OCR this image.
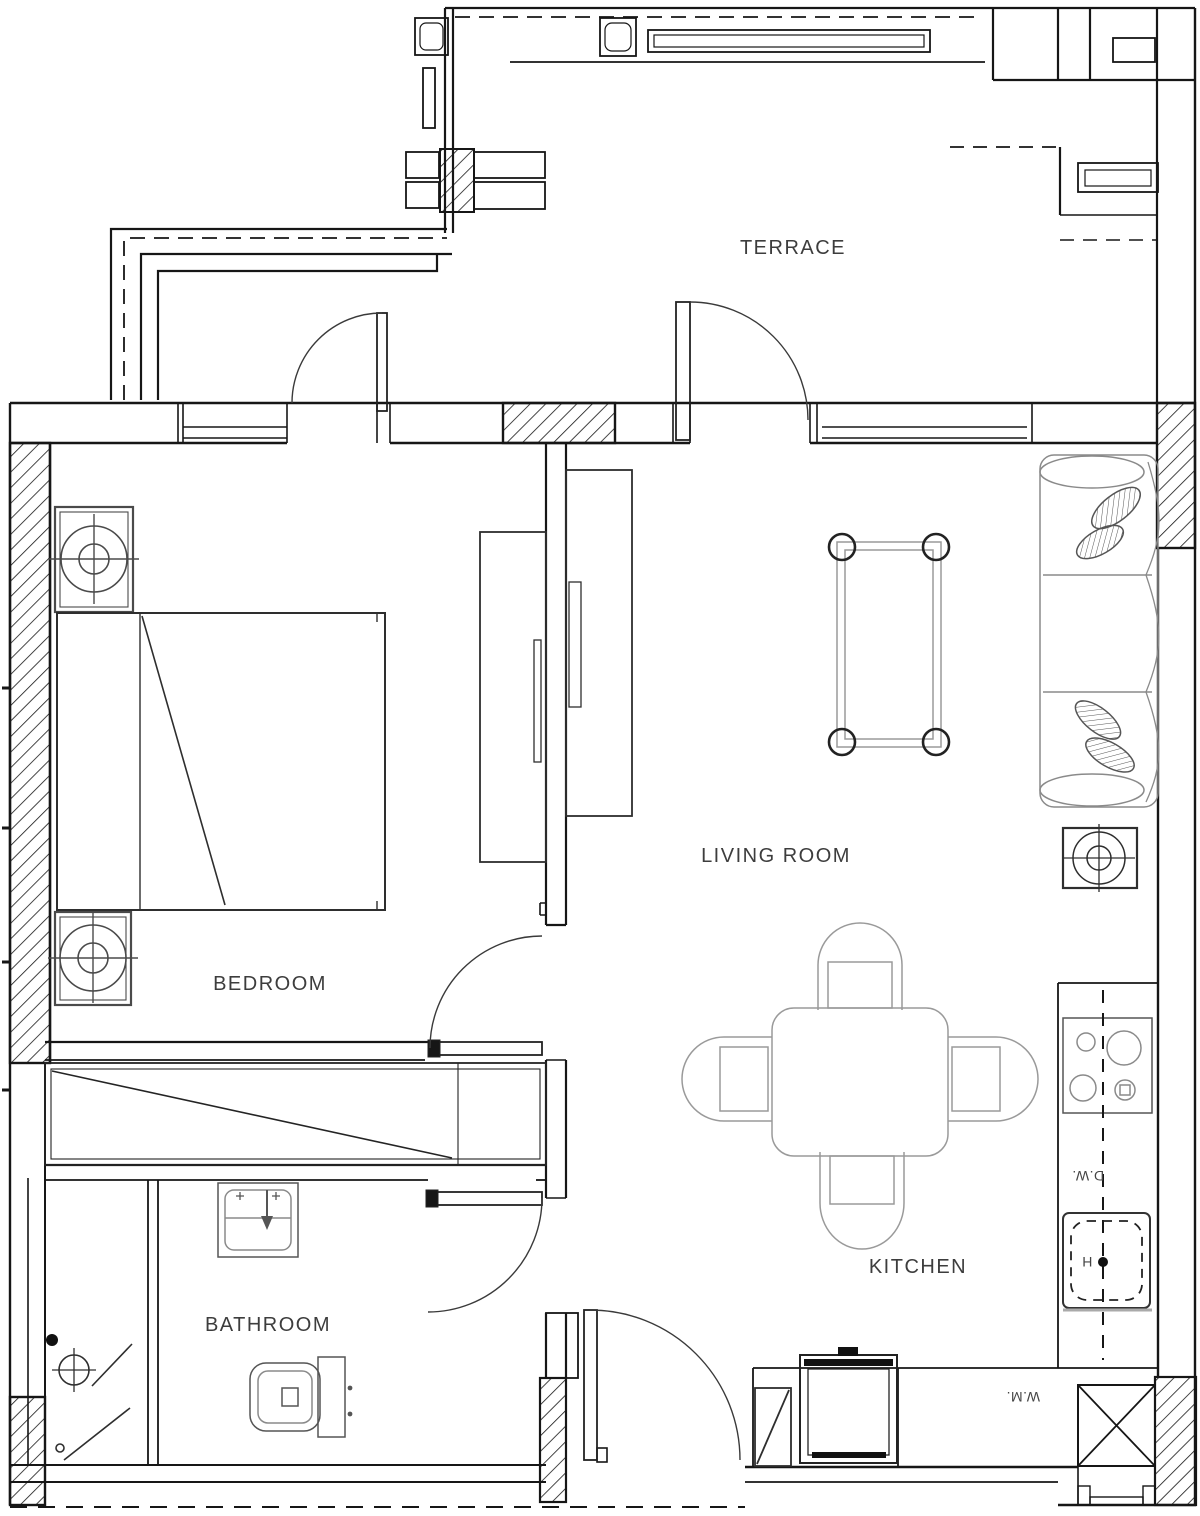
TERRACE
BEDROOM
LIVING ROOM
BATHROOM
KITCHEN
D.W.
W.M.
H
